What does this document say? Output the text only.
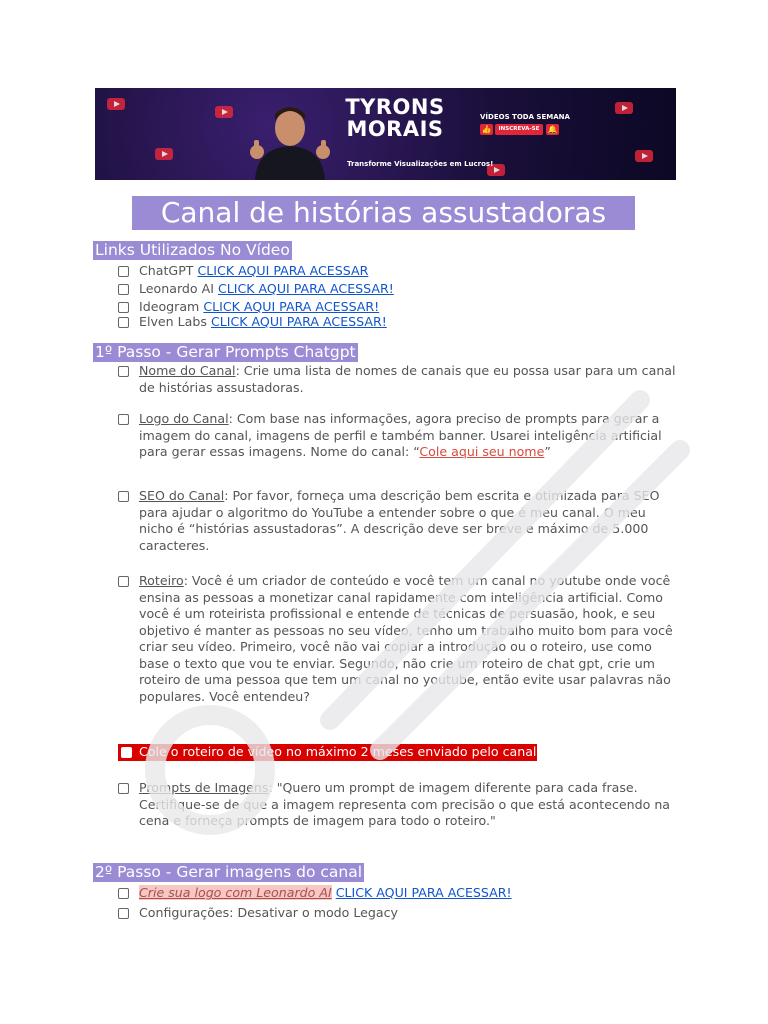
TYRONS
MORAIS	VÍDEOS TODA SEMANA
👍	INSCREVA-SE	🔔
Transforme Visualizações em Lucros!
Canal de histórias assustadoras
Links Utilizados No Vídeo
ChatGPT CLICK AQUI PARA ACESSAR
Leonardo AI CLICK AQUI PARA ACESSAR!
Ideogram CLICK AQUI PARA ACESSAR!
Elven Labs CLICK AQUI PARA ACESSAR!
1º Passo - Gerar Prompts Chatgpt
Nome do Canal: Crie uma lista de nomes de canais que eu possa usar para um canal de histórias assustadoras.
Logo do Canal: Com base nas informações, agora preciso de prompts para gerar a imagem do canal, imagens de perfil e também banner. Usarei inteligência artificial para gerar essas imagens. Nome do canal: “Cole aqui seu nome”
SEO do Canal: Por favor, forneça uma descrição bem escrita e otimizada para SEO para ajudar o algoritmo do YouTube a entender sobre o que é meu canal. O meu nicho é “histórias assustadoras”. A descrição deve ser breve e máximo de 5.000 caracteres.
Roteiro: Você é um criador de conteúdo e você tem um canal no youtube onde você ensina as pessoas a monetizar canal rapidamente com inteligência artificial. Como você é um roteirista profissional e entende de técnicas de persuasão, hook, e seu objetivo é manter as pessoas no seu vídeo, tenho um trabalho muito bom para você criar seu vídeo. Primeiro, você não vai copiar a introdução ou o roteiro, use como base o texto que vou te enviar. Segundo, não crie um roteiro de chat gpt, crie um roteiro de uma pessoa que tem um canal no youtube, então evite usar palavras não populares. Você entendeu?
Cole o roteiro de vídeo no máximo 2 meses enviado pelo canal
Prompts de Imagens: "Quero um prompt de imagem diferente para cada frase. Certifique-se de que a imagem representa com precisão o que está acontecendo na cena e forneça prompts de imagem para todo o roteiro."
2º Passo - Gerar imagens do canal
Crie sua logo com Leonardo AI CLICK AQUI PARA ACESSAR!
Configurações: Desativar o modo Legacy
